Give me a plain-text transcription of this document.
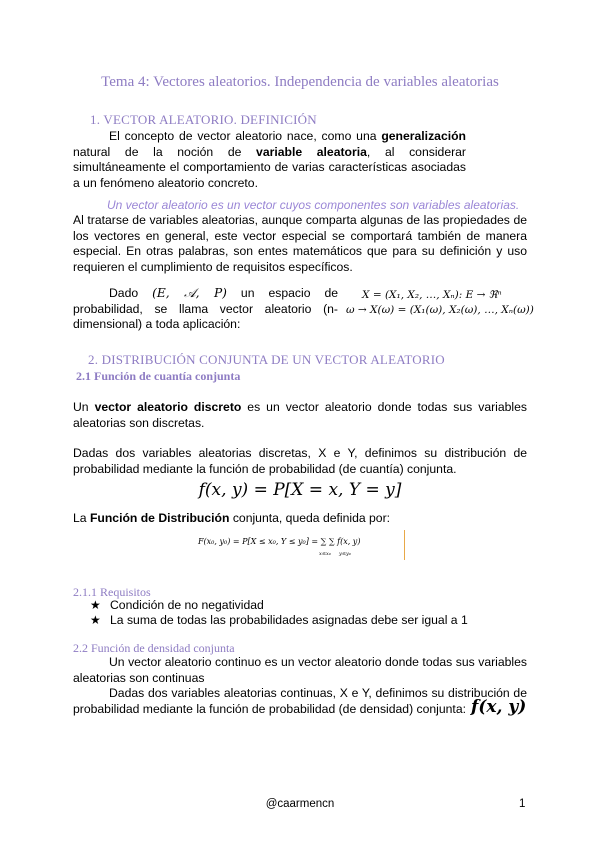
Tema 4: Vectores aleatorios. Independencia de variables aleatorias
1. VECTOR ALEATORIO. DEFINICIÓN
El concepto de vector aleatorio nace, como una generalización natural de la noción de variable aleatoria, al considerar simultáneamente el comportamiento de varias características asociadas a un fenómeno aleatorio concreto.
Un vector aleatorio es un vector cuyos componentes son variables aleatorias.
Al tratarse de variables aleatorias, aunque comparta algunas de las propiedades de los vectores en general, este vector especial se comportará también de manera especial. En otras palabras, son entes matemáticos que para su definición y uso requieren el cumplimiento de requisitos específicos.
Dado (E, 𝒜, P) un espacio de probabilidad, se llama vector aleatorio (n-dimensional) a toda aplicación:
X = (X₁, X₂, …, Xₙ): E → ℜⁿ
ω → X(ω) = (X₁(ω), X₂(ω), …, Xₙ(ω))
2. DISTRIBUCIÓN CONJUNTA DE UN VECTOR ALEATORIO
2.1 Función de cuantía conjunta
Un vector aleatorio discreto es un vector aleatorio donde todas sus variables aleatorias son discretas.
Dadas dos variables aleatorias discretas, X e Y, definimos su distribución de probabilidad mediante la función de probabilidad (de cuantía) conjunta.
f(x, y) = P[X = x, Y = y]
La Función de Distribución conjunta, queda definida por:
F(x₀, y₀) = P[X ≤ x₀, Y ≤ y₀] = ∑ ∑ f(x, y)
x≤x₀ y≤y₀
2.1.1 Requisitos
★ Condición de no negatividad
★ La suma de todas las probabilidades asignadas debe ser igual a 1
2.2 Función de densidad conjunta
Un vector aleatorio continuo es un vector aleatorio donde todas sus variables aleatorias son continuas
Dadas dos variables aleatorias continuas, X e Y, definimos su distribución de probabilidad mediante la función de probabilidad (de densidad) conjunta: f(x, y)
@caarmencn	1
